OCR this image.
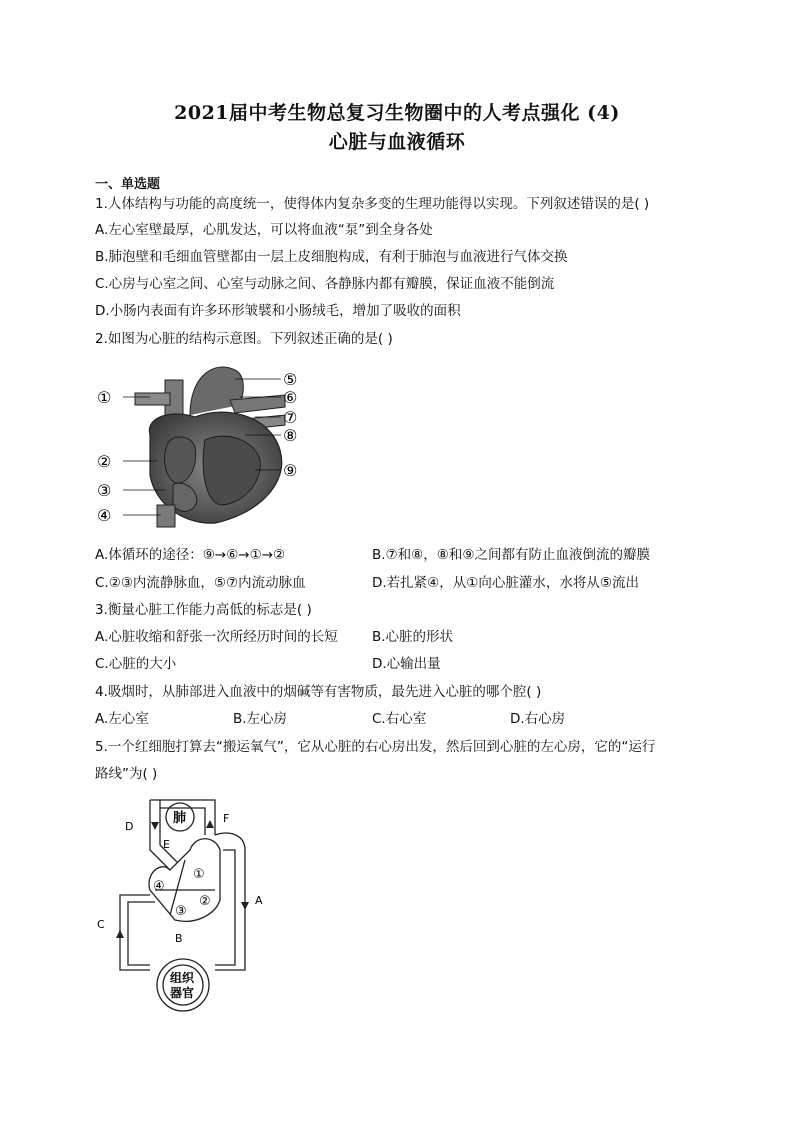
2021届中考生物总复习生物圈中的人考点强化 (4)
心脏与血液循环
一、单选题
1.人体结构与功能的高度统一，使得体内复杂多变的生理功能得以实现。下列叙述错误的是( )
A.左心室壁最厚，心肌发达，可以将血液“泵”到全身各处
B.肺泡壁和毛细血管壁都由一层上皮细胞构成，有利于肺泡与血液进行气体交换
C.心房与心室之间、心室与动脉之间、各静脉内都有瓣膜，保证血液不能倒流
D.小肠内表面有许多环形皱襞和小肠绒毛，增加了吸收的面积
2.如图为心脏的结构示意图。下列叙述正确的是( )
①
②
③
④
⑤
⑥
⑦
⑧
⑨
A.体循环的途径：⑨→⑥→①→②	B.⑦和⑧，⑧和⑨之间都有防止血液倒流的瓣膜
C.②③内流静脉血，⑤⑦内流动脉血	D.若扎紧④，从①向心脏灌水，水将从⑤流出
3.衡量心脏工作能力高低的标志是( )
A.心脏收缩和舒张一次所经历时间的长短	B.心脏的形状
C.心脏的大小	D.心输出量
4.吸烟时，从肺部进入血液中的烟碱等有害物质，最先进入心脏的哪个腔( )
A.左心室	B.左心房	C.右心室	D.右心房
5.一个红细胞打算去“搬运氧气”，它从心脏的右心房出发，然后回到心脏的左心房，它的“运行
路线”为( )
肺
组织
器官
A
B
C
D
E
F
①
②
③
④
